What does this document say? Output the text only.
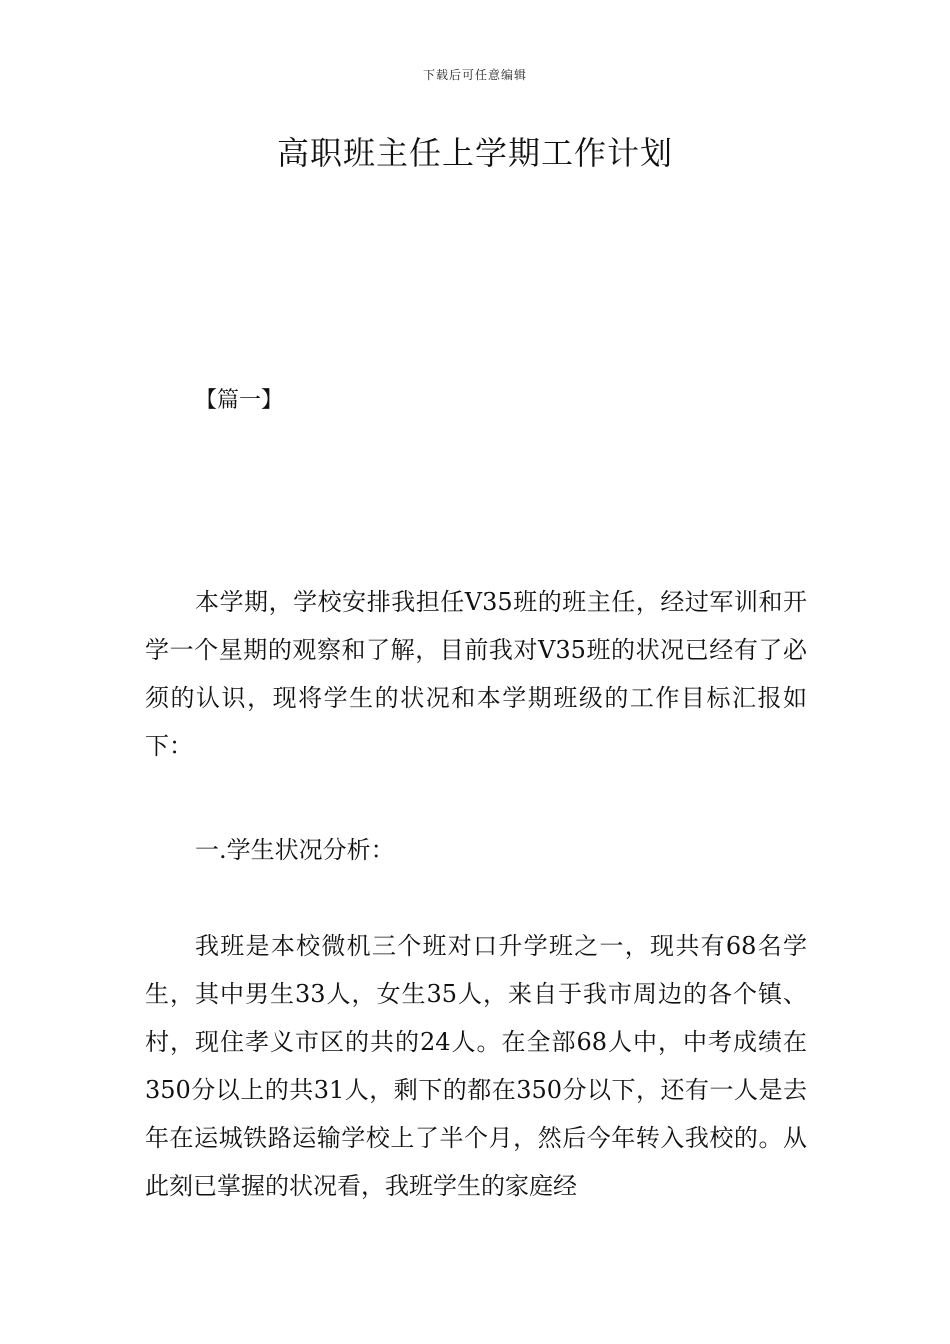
下载后可任意编辑
高职班主任上学期工作计划

【篇一】

本学期，学校安排我担任V35班的班主任，经过军训和开学一个星期的观察和了解，目前我对V35班的状况已经有了必须的认识，现将学生的状况和本学期班级的工作目标汇报如下：

一.学生状况分析：

我班是本校微机三个班对口升学班之一，现共有68名学生，其中男生33人，女生35人，来自于我市周边的各个镇、村，现住孝义市区的共的24人。在全部68人中，中考成绩在350分以上的共31人，剩下的都在350分以下，还有一人是去年在运城铁路运输学校上了半个月，然后今年转入我校的。从此刻已掌握的状况看，我班学生的家庭经
